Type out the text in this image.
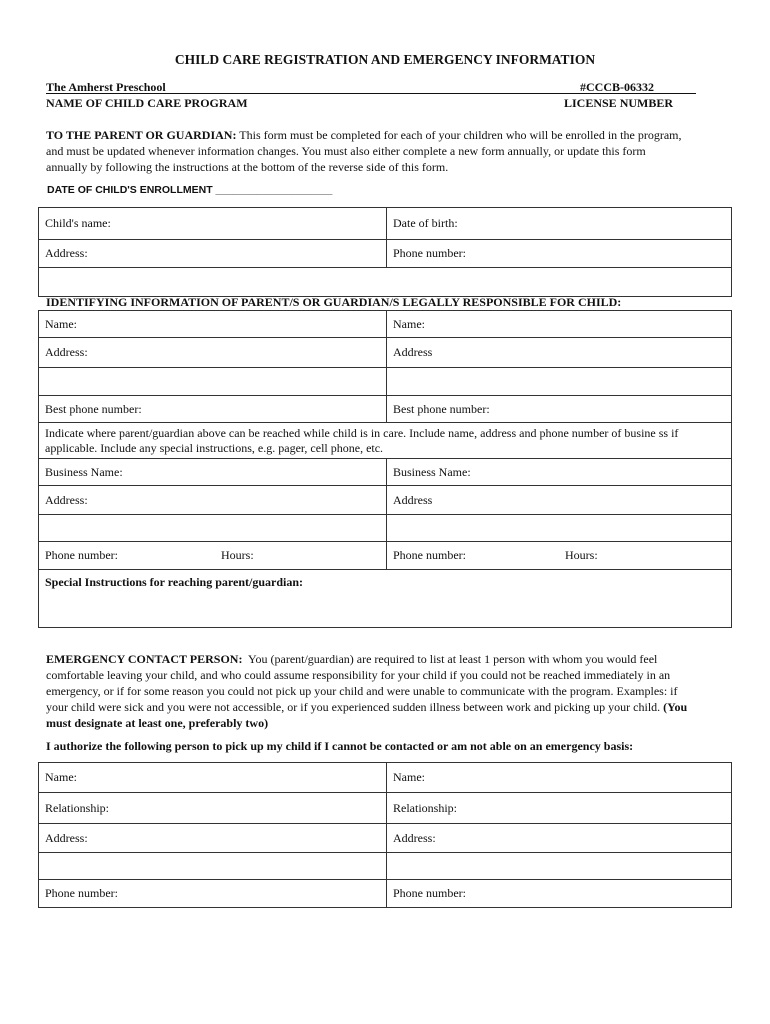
CHILD CARE REGISTRATION AND EMERGENCY INFORMATION
The Amherst Preschool	#CCCB-06332
NAME OF CHILD CARE PROGRAM	LICENSE NUMBER
TO THE PARENT OR GUARDIAN: This form must be completed for each of your children who will be enrolled in the program,
and must be updated whenever information changes. You must also either complete a new form annually, or update this form
annually by following the instructions at the bottom of the reverse side of this form.
DATE OF CHILD'S ENROLLMENT ____________________
Child's name:	Date of birth:
Address:	Phone number:

IDENTIFYING INFORMATION OF PARENT/S OR GUARDIAN/S LEGALLY RESPONSIBLE FOR CHILD:
Name:	Name:
Address:	Address

Best phone number:	Best phone number:

Indicate where parent/guardian above can be reached while child is in care. Include name, address and phone number of busine ss if
applicable. Include any special instructions, e.g. pager, cell phone, etc.	

Business Name:	Business Name:
Address:	Address

Phone number: Hours:	Phone number: Hours:
Special Instructions for reaching parent/guardian:	
EMERGENCY CONTACT PERSON: You (parent/guardian) are required to list at least 1 person with whom you would feel
comfortable leaving your child, and who could assume responsibility for your child if you could not be reached immediately in an
emergency, or if for some reason you could not pick up your child and were unable to communicate with the program. Examples: if
your child were sick and you were not accessible, or if you experienced sudden illness between work and picking up your child. (You
must designate at least one, preferably two)
I authorize the following person to pick up my child if I cannot be contacted or am not able on an emergency basis:
Name:	Name:
Relationship:	Relationship:
Address:	Address:

Phone number:	Phone number:
